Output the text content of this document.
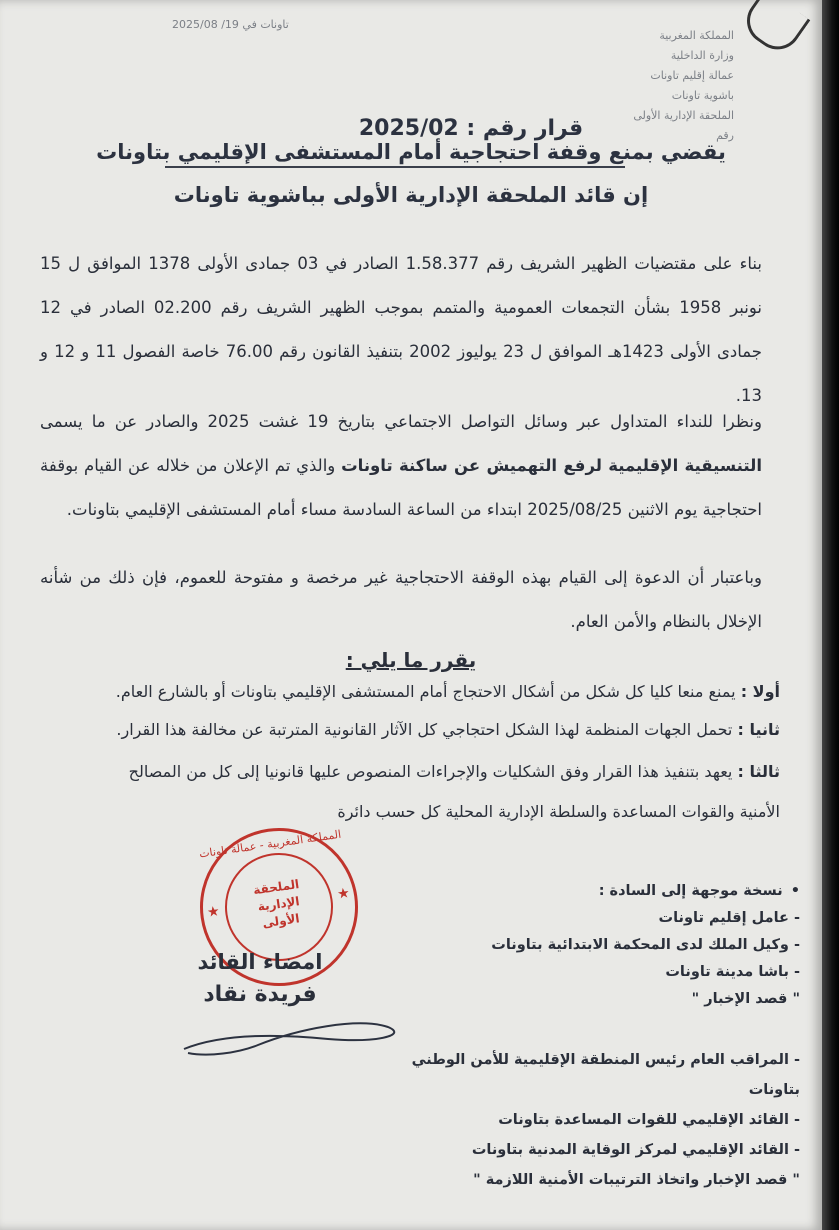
تاونات في 19/ 2025/08
المملكة المغربية
وزارة الداخلية
عمالة إقليم تاونات
باشوية تاونات
الملحقة الإدارية الأولى
رقم
قرار رقم : 2025/02
يقضي بمنع وقفة احتجاجية أمام المستشفى الإقليمي بتاونات
إن قائد الملحقة الإدارية الأولى بباشوية تاونات
بناء على مقتضيات الظهير الشريف رقم 1.58.377 الصادر في 03 جمادى الأولى 1378 الموافق ل 15 نونبر 1958 بشأن التجمعات العمومية والمتمم بموجب الظهير الشريف رقم 02.200 الصادر في 12 جمادى الأولى 1423هـ الموافق ل 23 يوليوز 2002 بتنفيذ القانون رقم 76.00 خاصة الفصول 11 و 12 و 13.
ونظرا للنداء المتداول عبر وسائل التواصل الاجتماعي بتاريخ 19 غشت 2025 والصادر عن ما يسمى التنسيقية الإقليمية لرفع التهميش عن ساكنة تاونات والذي تم الإعلان من خلاله عن القيام بوقفة احتجاجية يوم الاثنين 2025/08/25 ابتداء من الساعة السادسة مساء أمام المستشفى الإقليمي بتاونات.
وباعتبار أن الدعوة إلى القيام بهذه الوقفة الاحتجاجية غير مرخصة و مفتوحة للعموم، فإن ذلك من شأنه الإخلال بالنظام والأمن العام.
يقرر ما يلي :
أولا : يمنع منعا كليا كل شكل من أشكال الاحتجاج أمام المستشفى الإقليمي بتاونات أو بالشارع العام.
ثانيا : تحمل الجهات المنظمة لهذا الشكل احتجاجي كل الآثار القانونية المترتبة عن مخالفة هذا القرار.
ثالثا : يعهد بتنفيذ هذا القرار وفق الشكليات والإجراءات المنصوص عليها قانونيا إلى كل من المصالح
الأمنية والقوات المساعدة والسلطة الإدارية المحلية كل حسب دائرة
المملكة المغربية - عمالة تاونات
★
★
الملحقة
الإدارية
الأولى
• نسخة موجهة إلى السادة :
- عامل إقليم تاونات
- وكيل الملك لدى المحكمة الابتدائية بتاونات
- باشا مدينة تاونات
" قصد الإخبار "
امضاء القائد
فريدة نقاد
- المراقب العام رئيس المنطقة الإقليمية للأمن الوطني بتاونات
- القائد الإقليمي للقوات المساعدة بتاونات
- القائد الإقليمي لمركز الوقاية المدنية بتاونات
" قصد الإخبار واتخاذ الترتيبات الأمنية اللازمة "
